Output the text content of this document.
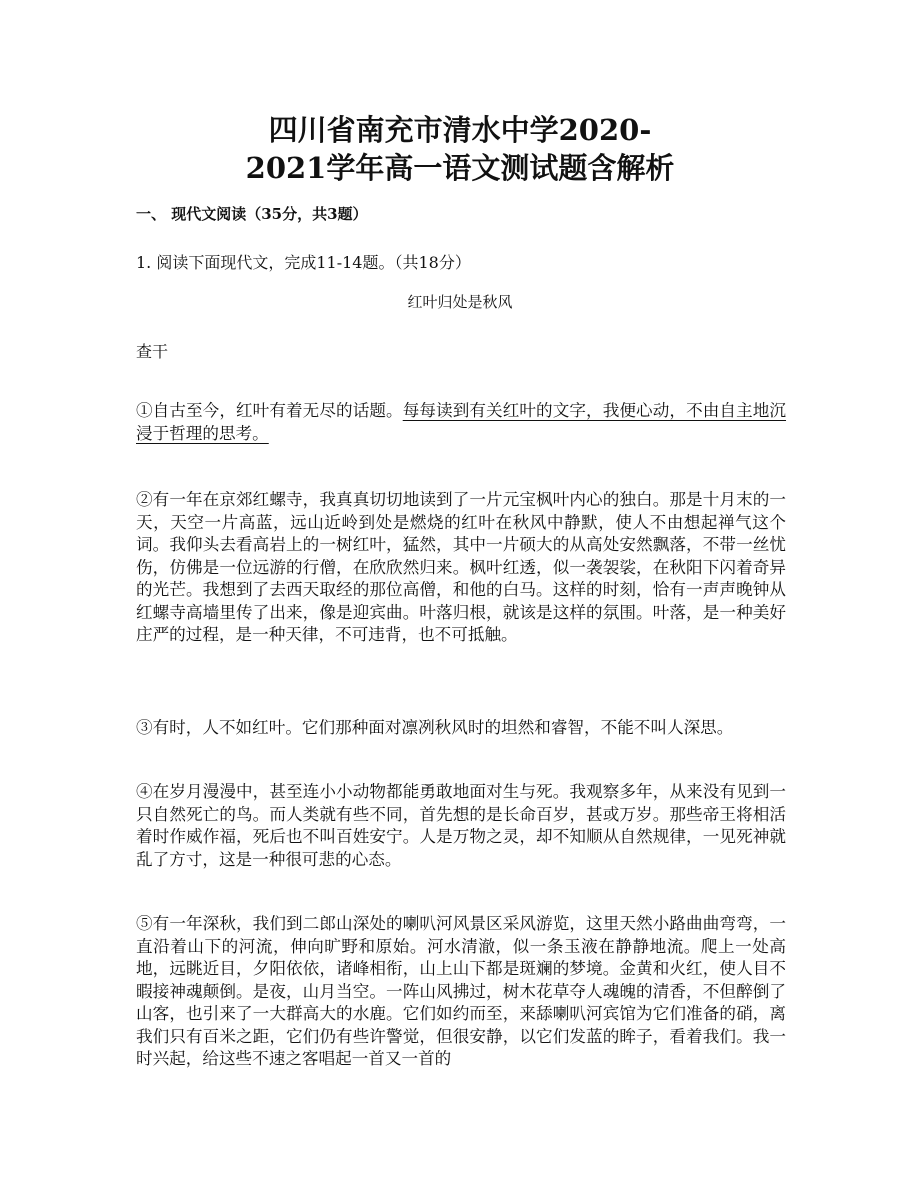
四川省南充市清水中学2020-
2021学年高一语文测试题含解析
一、 现代文阅读（35分，共3题）
1. 阅读下面现代文，完成11-14题。（共18分）
红叶归处是秋风
查干
①自古至今，红叶有着无尽的话题。每每读到有关红叶的文字，我便心动，不由自主地沉浸于哲理的思考。
②有一年在京郊红螺寺，我真真切切地读到了一片元宝枫叶内心的独白。那是十月末的一天，天空一片高蓝，远山近岭到处是燃烧的红叶在秋风中静默，使人不由想起禅气这个词。我仰头去看高岩上的一树红叶，猛然，其中一片硕大的从高处安然飘落，不带一丝忧伤，仿佛是一位远游的行僧，在欣欣然归来。枫叶红透，似一袭袈裟，在秋阳下闪着奇异的光芒。我想到了去西天取经的那位高僧，和他的白马。这样的时刻，恰有一声声晚钟从红螺寺高墙里传了出来，像是迎宾曲。叶落归根，就该是这样的氛围。叶落，是一种美好庄严的过程，是一种天律，不可违背，也不可抵触。
③有时，人不如红叶。它们那种面对凛冽秋风时的坦然和睿智，不能不叫人深思。
④在岁月漫漫中，甚至连小小动物都能勇敢地面对生与死。我观察多年，从来没有见到一只自然死亡的鸟。而人类就有些不同，首先想的是长命百岁，甚或万岁。那些帝王将相活着时作威作福，死后也不叫百姓安宁。人是万物之灵，却不知顺从自然规律，一见死神就乱了方寸，这是一种很可悲的心态。
⑤有一年深秋，我们到二郎山深处的喇叭河风景区采风游览，这里天然小路曲曲弯弯，一直沿着山下的河流，伸向旷野和原始。河水清澈，似一条玉液在静静地流。爬上一处高地，远眺近目，夕阳依依，诸峰相衔，山上山下都是斑斓的梦境。金黄和火红，使人目不暇接神魂颠倒。是夜，山月当空。一阵山风拂过，树木花草夺人魂魄的清香，不但醉倒了山客，也引来了一大群高大的水鹿。它们如约而至，来舔喇叭河宾馆为它们准备的硝，离我们只有百米之距，它们仍有些许警觉，但很安静，以它们发蓝的眸子，看着我们。我一时兴起，给这些不速之客唱起一首又一首的
